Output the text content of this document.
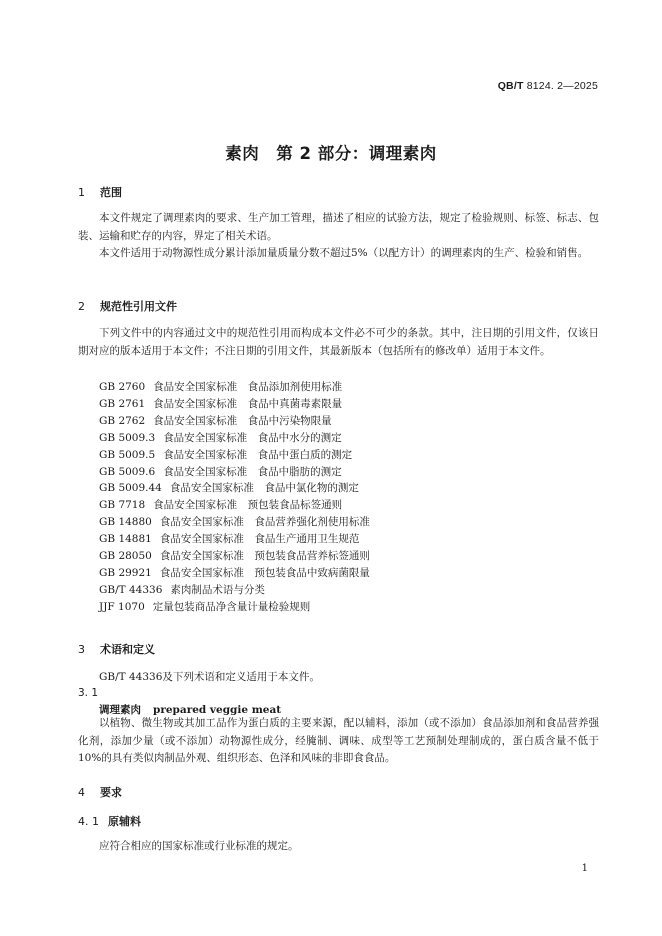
QB/T 8124. 2—2025
素肉　第 2 部分：调理素肉
1 范围

本文件规定了调理素肉的要求、生产加工管理，描述了相应的试验方法，规定了检验规则、标签、标志、包装、运输和贮存的内容，界定了相关术语。

本文件适用于动物源性成分累计添加量质量分数不超过5%（以配方计）的调理素肉的生产、检验和销售。

2 规范性引用文件

下列文件中的内容通过文中的规范性引用而构成本文件必不可少的条款。其中，注日期的引用文件，仅该日期对应的版本适用于本文件；不注日期的引用文件，其最新版本（包括所有的修改单）适用于本文件。

GB 2760 食品安全国家标准　食品添加剂使用标准
GB 2761 食品安全国家标准　食品中真菌毒素限量
GB 2762 食品安全国家标准　食品中污染物限量
GB 5009.3 食品安全国家标准　食品中水分的测定
GB 5009.5 食品安全国家标准　食品中蛋白质的测定
GB 5009.6 食品安全国家标准　食品中脂肪的测定
GB 5009.44 食品安全国家标准　食品中氯化物的测定
GB 7718 食品安全国家标准　预包装食品标签通则
GB 14880 食品安全国家标准　食品营养强化剂使用标准
GB 14881 食品安全国家标准　食品生产通用卫生规范
GB 28050 食品安全国家标准　预包装食品营养标签通则
GB 29921 食品安全国家标准　预包装食品中致病菌限量
GB/T 44336 素肉制品术语与分类
JJF 1070 定量包装商品净含量计量检验规则
3 术语和定义
GB/T 44336及下列术语和定义适用于本文件。
3. 1
调理素肉 prepared veggie meat

以植物、微生物或其加工品作为蛋白质的主要来源，配以辅料，添加（或不添加）食品添加剂和食品营养强化剂，添加少量（或不添加）动物源性成分，经腌制、调味、成型等工艺预制处理制成的，蛋白质含量不低于10%的具有类似肉制品外观、组织形态、色泽和风味的非即食食品。

4 要求
4. 1 原辅料
应符合相应的国家标准或行业标准的规定。
1
